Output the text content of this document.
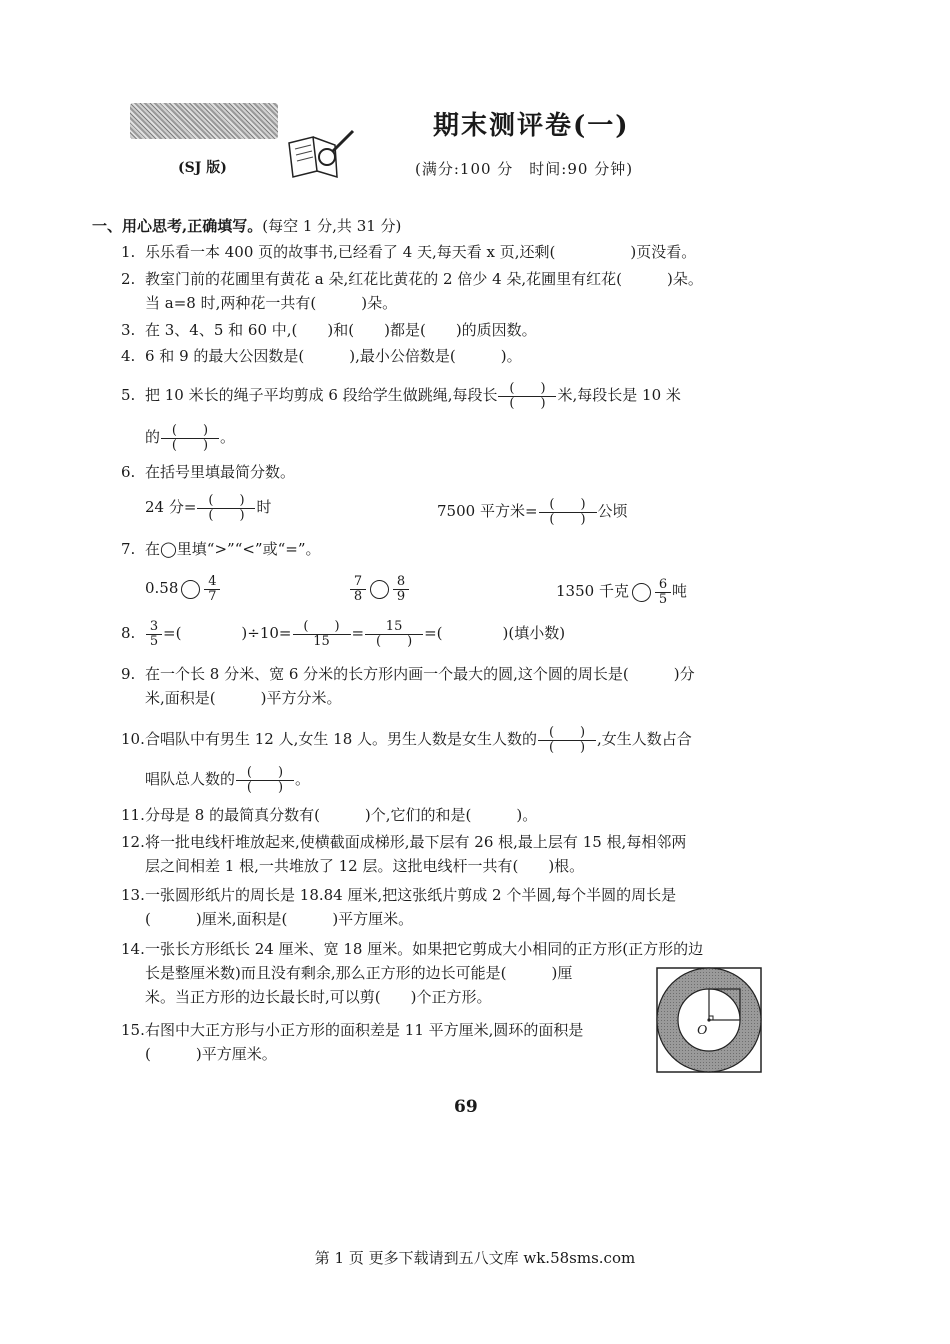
期末测评卷(一)
(SJ 版)	(满分:100 分　时间:90 分钟)
一、用心思考,正确填写。(每空 1 分,共 31 分)
1. 乐乐看一本 400 页的故事书,已经看了 4 天,每天看 x 页,还剩(　　　　　)页没看。
2. 教室门前的花圃里有黄花 a 朵,红花比黄花的 2 倍少 4 朵,花圃里有红花(　　　)朵。
当 a=8 时,两种花一共有(　　　)朵。
3. 在 3、4、5 和 60 中,(　　)和(　　)都是(　　)的质因数。
4. 6 和 9 的最大公因数是(　　　),最小公倍数是(　　　)。
5. 把 10 米长的绳子平均剪成 6 段给学生做跳绳,每段长 $\frac{( )}{( )}$ 米,每段长是 10 米
的 $\frac{( )}{( )}$ 。
6. 在括号里填最简分数。
24 分= $\frac{( )}{( )}$ 时	7500 平方米= $\frac{( )}{( )}$ 公顷
7. 在◯里填“>”“<”或“=”。
$0.58 \frac{4}{7}$	$\frac{7}{8} \frac{8}{9}$	1350 千克 $\frac{6}{5}$ 吨
8. $\frac{3}{5}$ =(　　　　)$\div 10= \frac{( )}{15} = \frac{15}{( )}$ =(　　　　)(填小数)
9. 在一个长 8 分米、宽 6 分米的长方形内画一个最大的圆,这个圆的周长是(　　　)分
米,面积是(　　　)平方分米。
10.合唱队中有男生 12 人,女生 18 人。男生人数是女生人数的 $\frac{( )}{( )}$ ,女生人数占合
唱队总人数的 $\frac{( )}{( )}$ 。
11.分母是 8 的最简真分数有(　　　)个,它们的和是(　　　)。
12.将一批电线杆堆放起来,使横截面成梯形,最下层有 26 根,最上层有 15 根,每相邻两
层之间相差 1 根,一共堆放了 12 层。这批电线杆一共有(　　)根。
13.一张圆形纸片的周长是 18.84 厘米,把这张纸片剪成 2 个半圆,每个半圆的周长是
(　　　)厘米,面积是(　　　)平方厘米。
14.一张长方形纸长 24 厘米、宽 18 厘米。如果把它剪成大小相同的正方形(正方形的边
长是整厘米数)而且没有剩余,那么正方形的边长可能是(　　　)厘
米。当正方形的边长最长时,可以剪(　　)个正方形。
15.右图中大正方形与小正方形的面积差是 11 平方厘米,圆环的面积是
(　　　)平方厘米。
O
69
第 1 页 更多下载请到五八文库 wk.58sms.com
